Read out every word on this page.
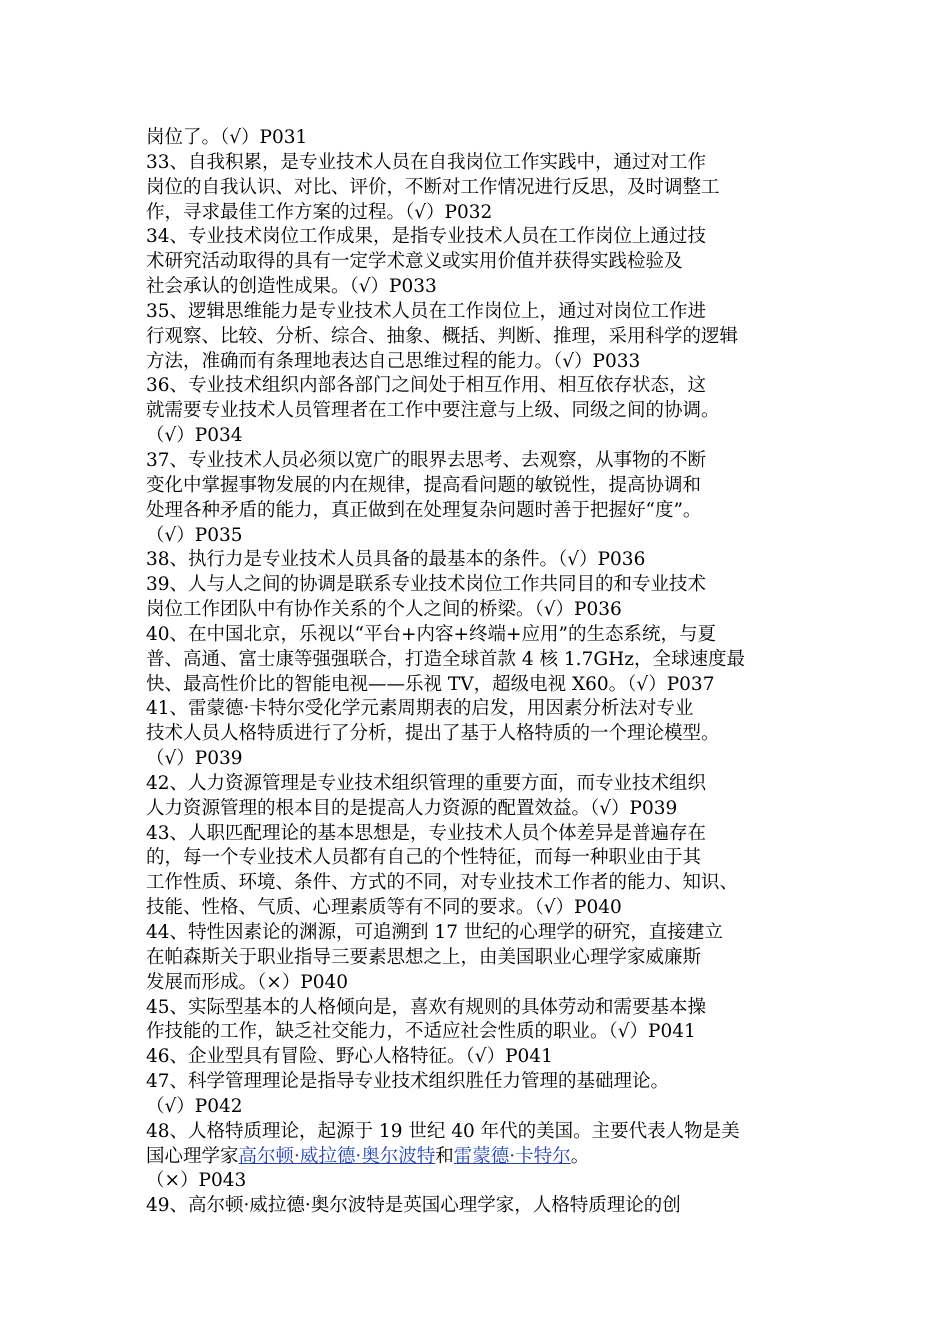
岗位了。（√）P031
33、自我积累，是专业技术人员在自我岗位工作实践中，通过对工作
岗位的自我认识、对比、评价，不断对工作情况进行反思，及时调整工
作，寻求最佳工作方案的过程。（√）P032
34、专业技术岗位工作成果，是指专业技术人员在工作岗位上通过技
术研究活动取得的具有一定学术意义或实用价值并获得实践检验及
社会承认的创造性成果。（√）P033
35、逻辑思维能力是专业技术人员在工作岗位上，通过对岗位工作进
行观察、比较、分析、综合、抽象、概括、判断、推理，采用科学的逻辑
方法，准确而有条理地表达自己思维过程的能力。（√）P033
36、专业技术组织内部各部门之间处于相互作用、相互依存状态，这
就需要专业技术人员管理者在工作中要注意与上级、同级之间的协调。
（√）P034
37、专业技术人员必须以宽广的眼界去思考、去观察，从事物的不断
变化中掌握事物发展的内在规律，提高看问题的敏锐性，提高协调和
处理各种矛盾的能力，真正做到在处理复杂问题时善于把握好“度”。
（√）P035
38、执行力是专业技术人员具备的最基本的条件。（√）P036
39、人与人之间的协调是联系专业技术岗位工作共同目的和专业技术
岗位工作团队中有协作关系的个人之间的桥梁。（√）P036
40、在中国北京，乐视以“平台+内容+终端+应用”的生态系统，与夏
普、高通、富士康等强强联合，打造全球首款 4 核 1.7GHz，全球速度最
快、最高性价比的智能电视——乐视 TV，超级电视 X60。（√）P037
41、雷蒙德·卡特尔受化学元素周期表的启发，用因素分析法对专业
技术人员人格特质进行了分析，提出了基于人格特质的一个理论模型。
（√）P039
42、人力资源管理是专业技术组织管理的重要方面，而专业技术组织
人力资源管理的根本目的是提高人力资源的配置效益。（√）P039
43、人职匹配理论的基本思想是，专业技术人员个体差异是普遍存在
的，每一个专业技术人员都有自己的个性特征，而每一种职业由于其
工作性质、环境、条件、方式的不同，对专业技术工作者的能力、知识、
技能、性格、气质、心理素质等有不同的要求。（√）P040
44、特性因素论的渊源，可追溯到 17 世纪的心理学的研究，直接建立
在帕森斯关于职业指导三要素思想之上，由美国职业心理学家威廉斯
发展而形成。（×）P040
45、实际型基本的人格倾向是，喜欢有规则的具体劳动和需要基本操
作技能的工作，缺乏社交能力，不适应社会性质的职业。（√）P041
46、企业型具有冒险、野心人格特征。（√）P041
47、科学管理理论是指导专业技术组织胜任力管理的基础理论。
（√）P042
48、人格特质理论，起源于 19 世纪 40 年代的美国。主要代表人物是美
国心理学家高尔顿·威拉德·奥尔波特和雷蒙德·卡特尔。
（×）P043
49、高尔顿·威拉德·奥尔波特是英国心理学家，人格特质理论的创
